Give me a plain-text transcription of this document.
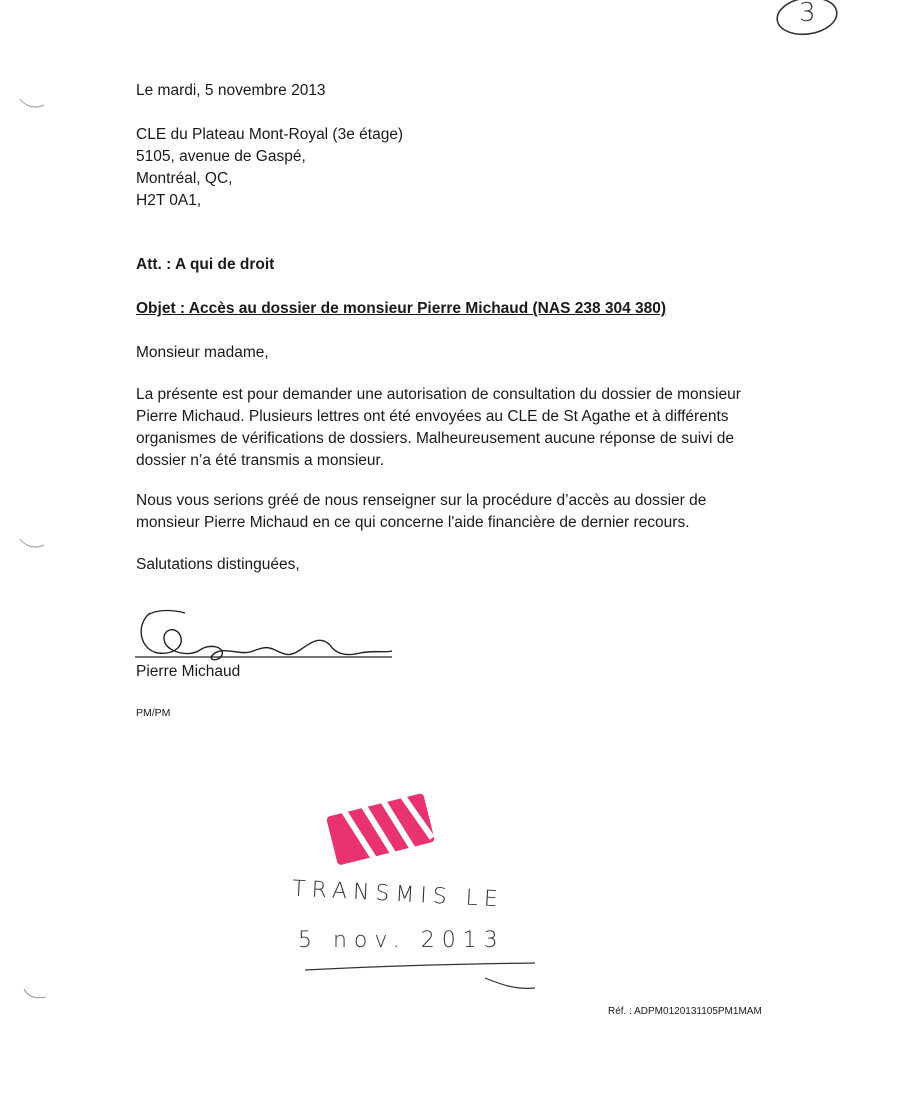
3
Le mardi, 5 novembre 2013
CLE du Plateau Mont-Royal (3e étage)
5105, avenue de Gaspé,
Montréal, QC,
H2T 0A1,
Att. : A qui de droit
Objet : Accès au dossier de monsieur Pierre Michaud (NAS 238 304 380)
Monsieur madame,

La présente est pour demander une autorisation de consultation du dossier de monsieur

Pierre Michaud. Plusieurs lettres ont été envoyées au CLE de St Agathe et à différents

organismes de vérifications de dossiers. Malheureusement aucune réponse de suivi de

dossier n’a été transmis a monsieur.

Nous vous serions gréé de nous renseigner sur la procédure d’accès au dossier de

monsieur Pierre Michaud en ce qui concerne l'aide financière de dernier recours.

Salutations distinguées,
Pierre Michaud
PM/PM
TRANSMIS LE
5 nov. 2013
Réf. : ADPM0120131105PM1MAM
